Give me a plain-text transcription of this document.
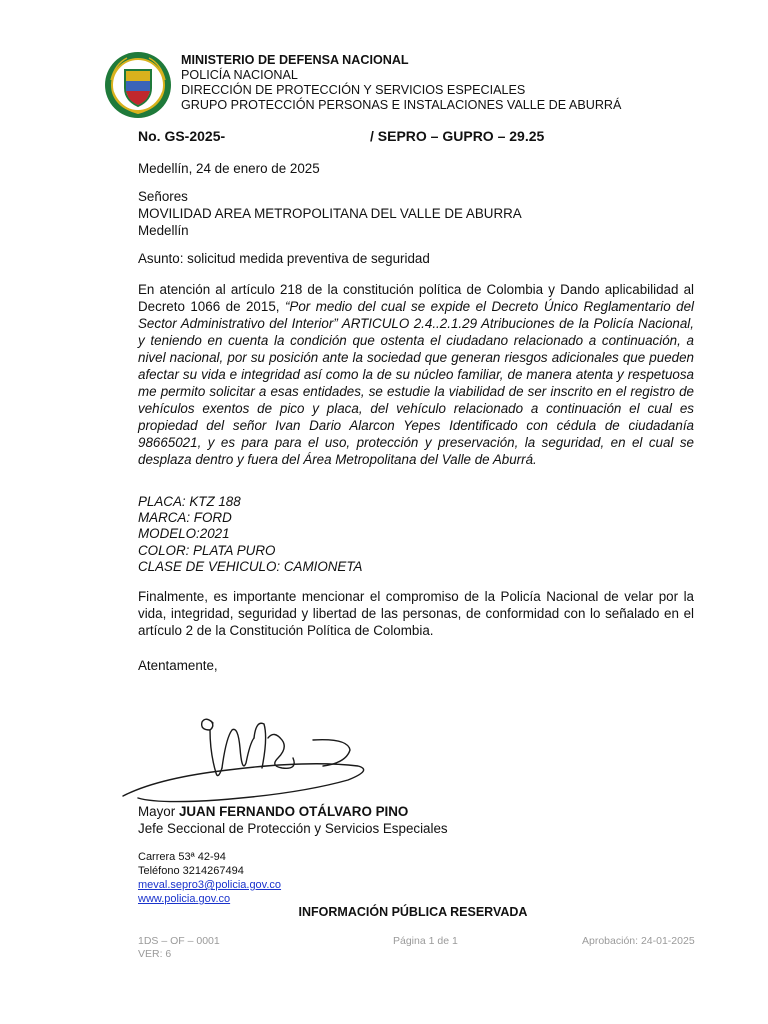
MINISTERIO DE DEFENSA NACIONAL
POLICÍA NACIONAL
DIRECCIÓN DE PROTECCIÓN Y SERVICIOS ESPECIALES
GRUPO PROTECCIÓN PERSONAS E INSTALACIONES VALLE DE ABURRÁ
No. GS-2025-	/ SEPRO – GUPRO – 29.25
Medellín, 24 de enero de 2025
Señores
MOVILIDAD AREA METROPOLITANA DEL VALLE DE ABURRA
Medellín
Asunto: solicitud medida preventiva de seguridad
En atención al artículo 218 de la constitución política de Colombia y Dando aplicabilidad al Decreto 1066 de 2015, “Por medio del cual se expide el Decreto Único Reglamentario del Sector Administrativo del Interior” ARTICULO 2.4..2.1.29 Atribuciones de la Policía Nacional, y teniendo en cuenta la condición que ostenta el ciudadano relacionado a continuación, a nivel nacional, por su posición ante la sociedad que generan riesgos adicionales que pueden afectar su vida e integridad así como la de su núcleo familiar, de manera atenta y respetuosa me permito solicitar a esas entidades, se estudie la viabilidad de ser inscrito en el registro de vehículos exentos de pico y placa, del vehículo relacionado a continuación el cual es propiedad del señor Ivan Dario Alarcon Yepes Identificado con cédula de ciudadanía 98665021, y es para para el uso, protección y preservación, la seguridad, en el cual se desplaza dentro y fuera del Área Metropolitana del Valle de Aburrá.
PLACA: KTZ 188
MARCA: FORD
MODELO:2021
COLOR: PLATA PURO
CLASE DE VEHICULO: CAMIONETA
Finalmente, es importante mencionar el compromiso de la Policía Nacional de velar por la vida, integridad, seguridad y libertad de las personas, de conformidad con lo señalado en el artículo 2 de la Constitución Política de Colombia.
Atentamente,
Mayor JUAN FERNANDO OTÁLVARO PINO
Jefe Seccional de Protección y Servicios Especiales
Carrera 53ª 42-94
Teléfono 3214267494
meval.sepro3@policia.gov.co
www.policia.gov.co
INFORMACIÓN PÚBLICA RESERVADA
1DS – OF – 0001
VER: 6
Página 1 de 1	Aprobación: 24-01-2025
